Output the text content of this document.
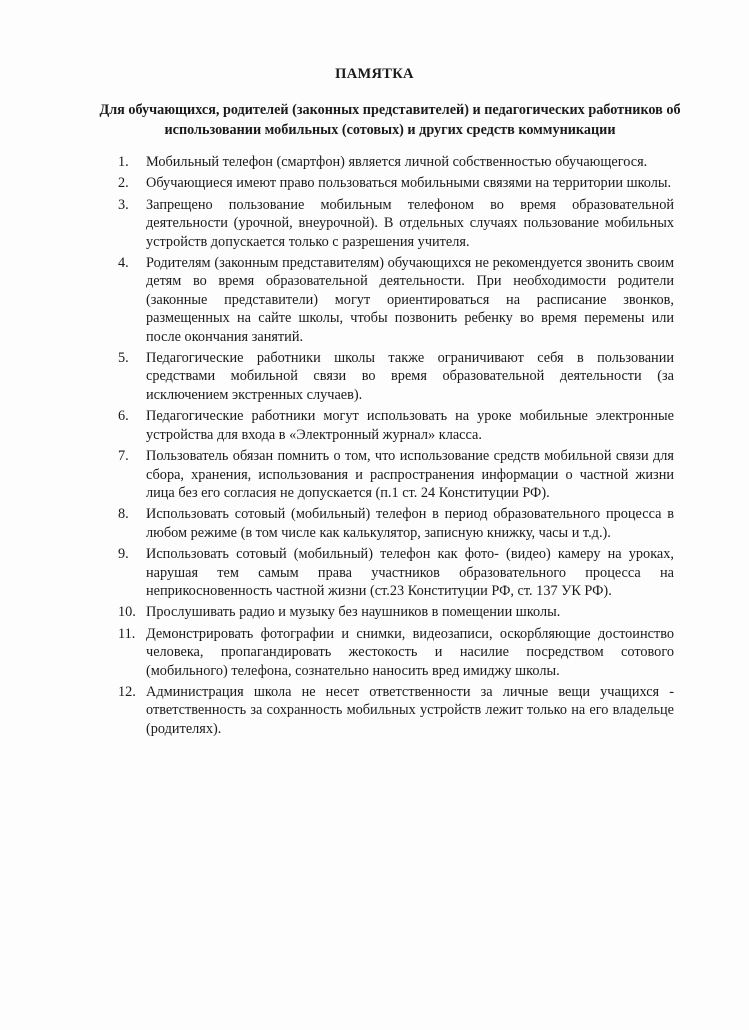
ПАМЯТКА
Для обучающихся, родителей (законных представителей) и педагогических работников об использовании мобильных (сотовых) и других средств коммуникации
1.	Мобильный телефон (смартфон) является личной собственностью обучающегося.
2.	Обучающиеся имеют право пользоваться мобильными связями на территории школы.
3.	Запрещено пользование мобильным телефоном во время образовательной деятельности (урочной, внеурочной). В отдельных случаях пользование мобильных устройств допускается только с разрешения учителя.
4.	Родителям (законным представителям) обучающихся не рекомендуется звонить своим детям во время образовательной деятельности. При необходимости родители (законные представители) могут ориентироваться на расписание звонков, размещенных на сайте школы, чтобы позвонить ребенку во время перемены или после окончания занятий.
5.	Педагогические работники школы также ограничивают себя в пользовании средствами мобильной связи во время образовательной деятельности (за исключением экстренных случаев).
6.	Педагогические работники могут использовать на уроке мобильные электронные устройства для входа в «Электронный журнал» класса.
7.	Пользователь обязан помнить о том, что использование средств мобильной связи для сбора, хранения, использования и распространения информации о частной жизни лица без его согласия не допускается (п.1 ст. 24 Конституции РФ).
8.	Использовать сотовый (мобильный) телефон в период образовательного процесса в любом режиме (в том числе как калькулятор, записную книжку, часы и т.д.).
9.	Использовать сотовый (мобильный) телефон как фото- (видео) камеру на уроках, нарушая тем самым права участников образовательного процесса на неприкосновенность частной жизни (ст.23 Конституции РФ, ст. 137 УК РФ).
10. Прослушивать радио и музыку без наушников в помещении школы.
11. Демонстрировать фотографии и снимки, видеозаписи, оскорбляющие достоинство человека, пропагандировать жестокость и насилие посредством сотового (мобильного) телефона, сознательно наносить вред имиджу школы.
12. Администрация школа не несет ответственности за личные вещи учащихся - ответственность за сохранность мобильных устройств лежит только на его владельце (родителях).
